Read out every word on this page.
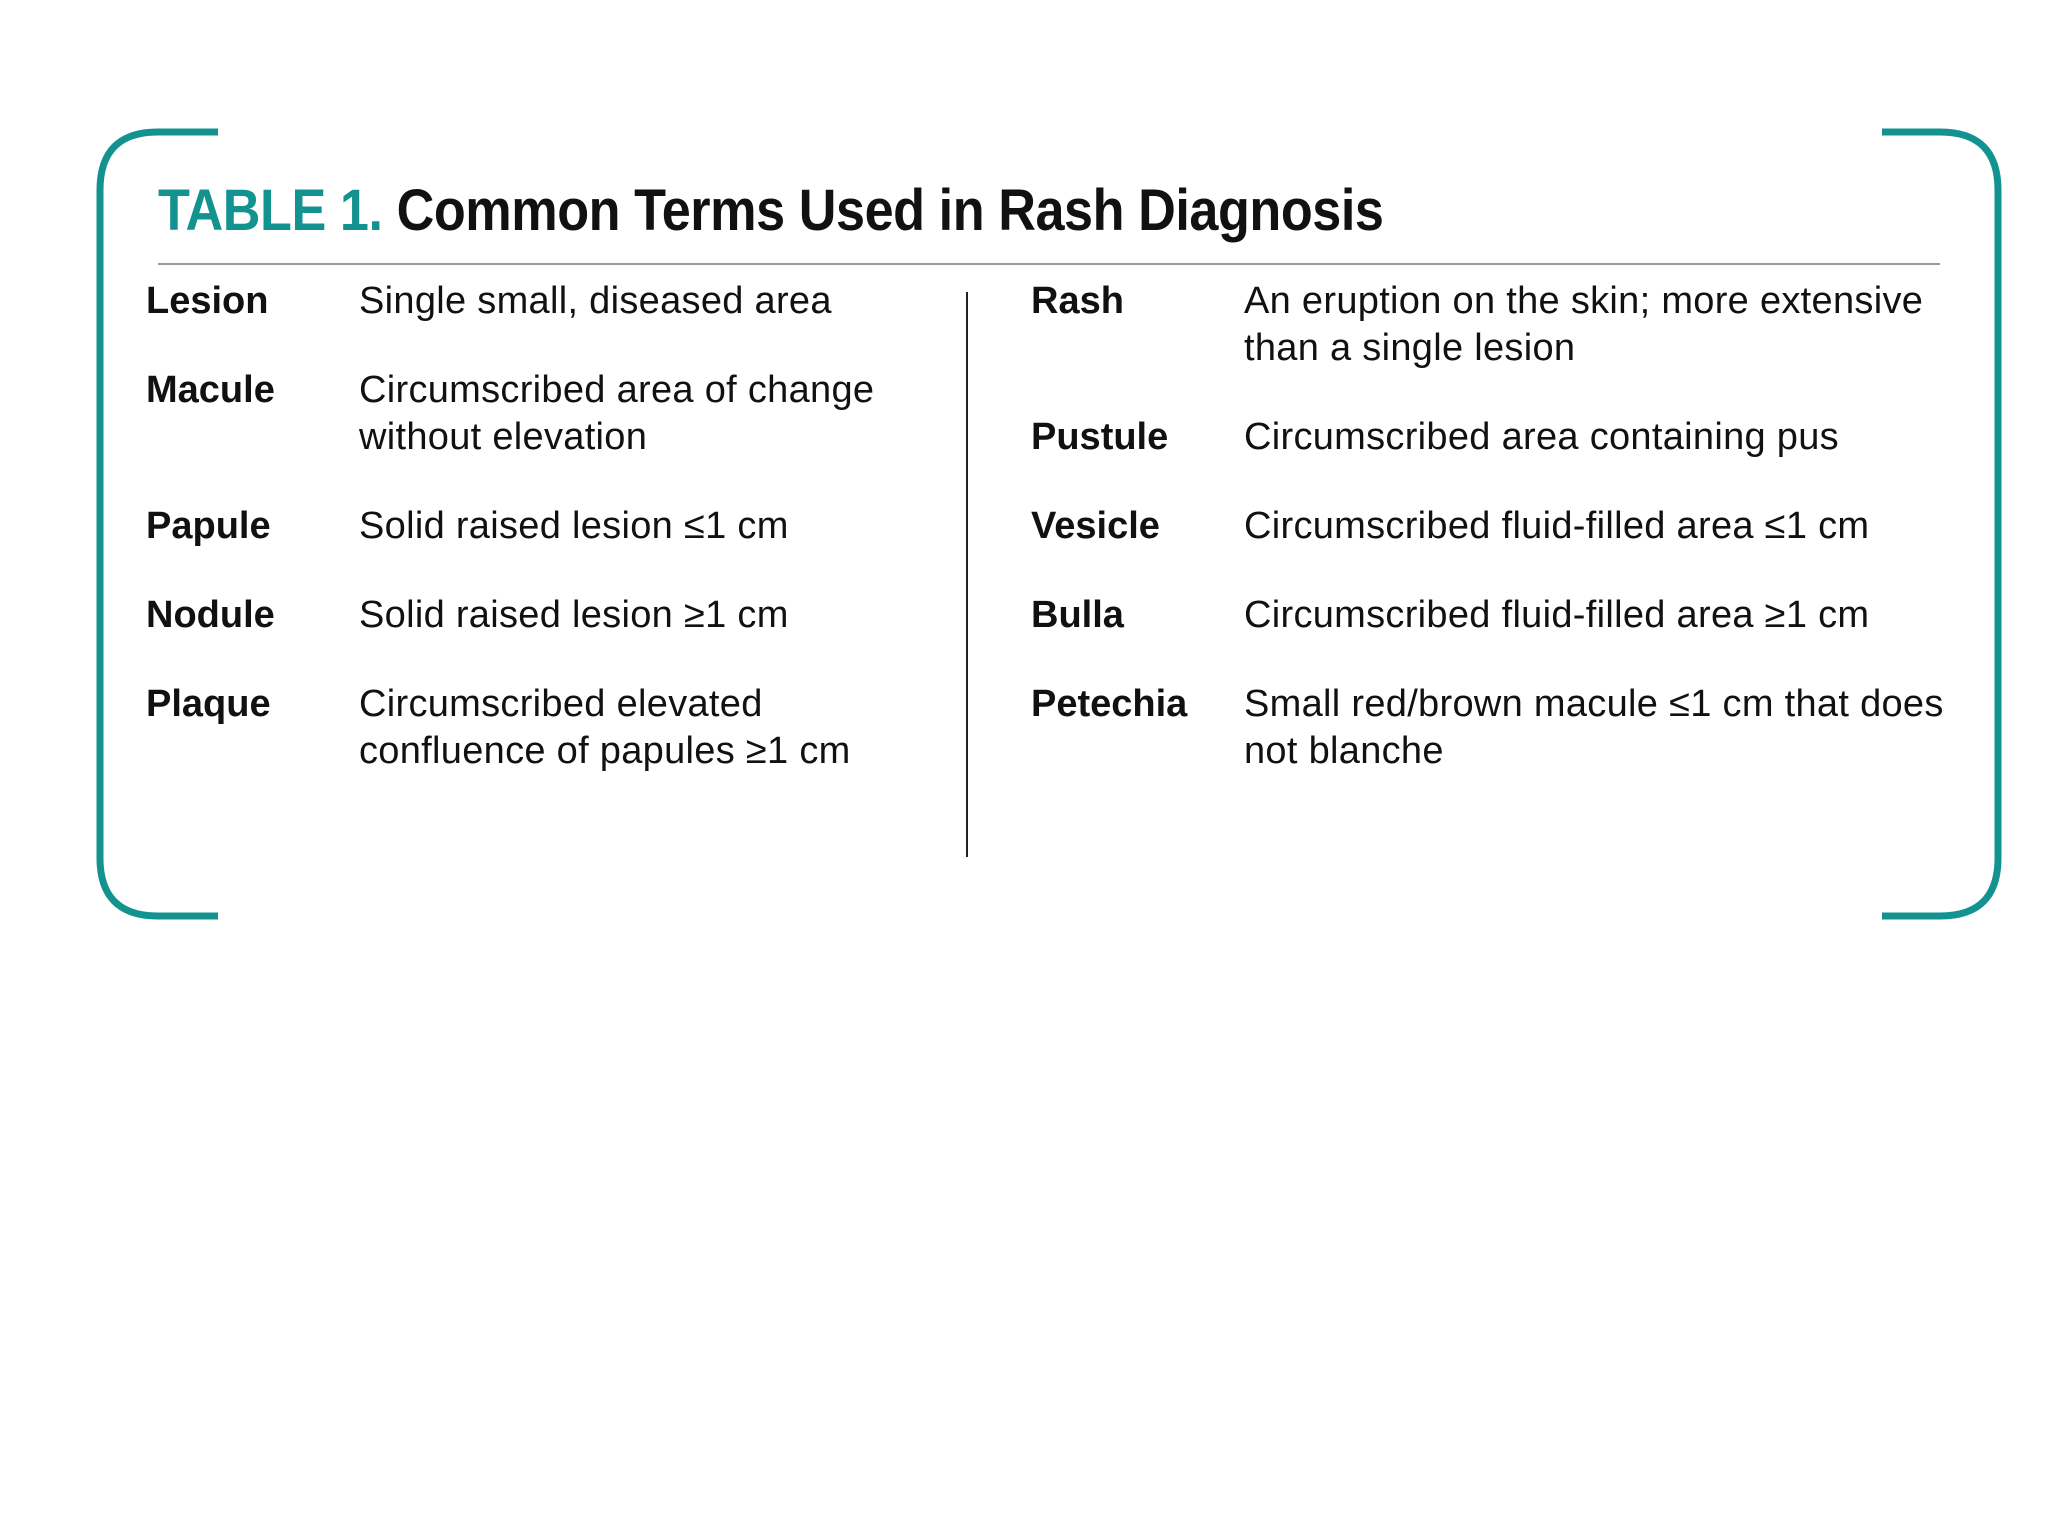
TABLE 1. Common Terms Used in Rash Diagnosis
Lesion Single small, diseased area
Macule Circumscribed area of change without elevation
Papule Solid raised lesion ≤1 cm
Nodule Solid raised lesion ≥1 cm
Plaque Circumscribed elevated confluence of papules ≥1 cm
Rash	An eruption on the skin; more extensive than a single lesion
Pustule Circumscribed area containing pus
Vesicle Circumscribed fluid-filled area ≤1 cm
Bulla	Circumscribed fluid-filled area ≥1 cm
Petechia Small red/brown macule ≤1 cm that does not blanche
